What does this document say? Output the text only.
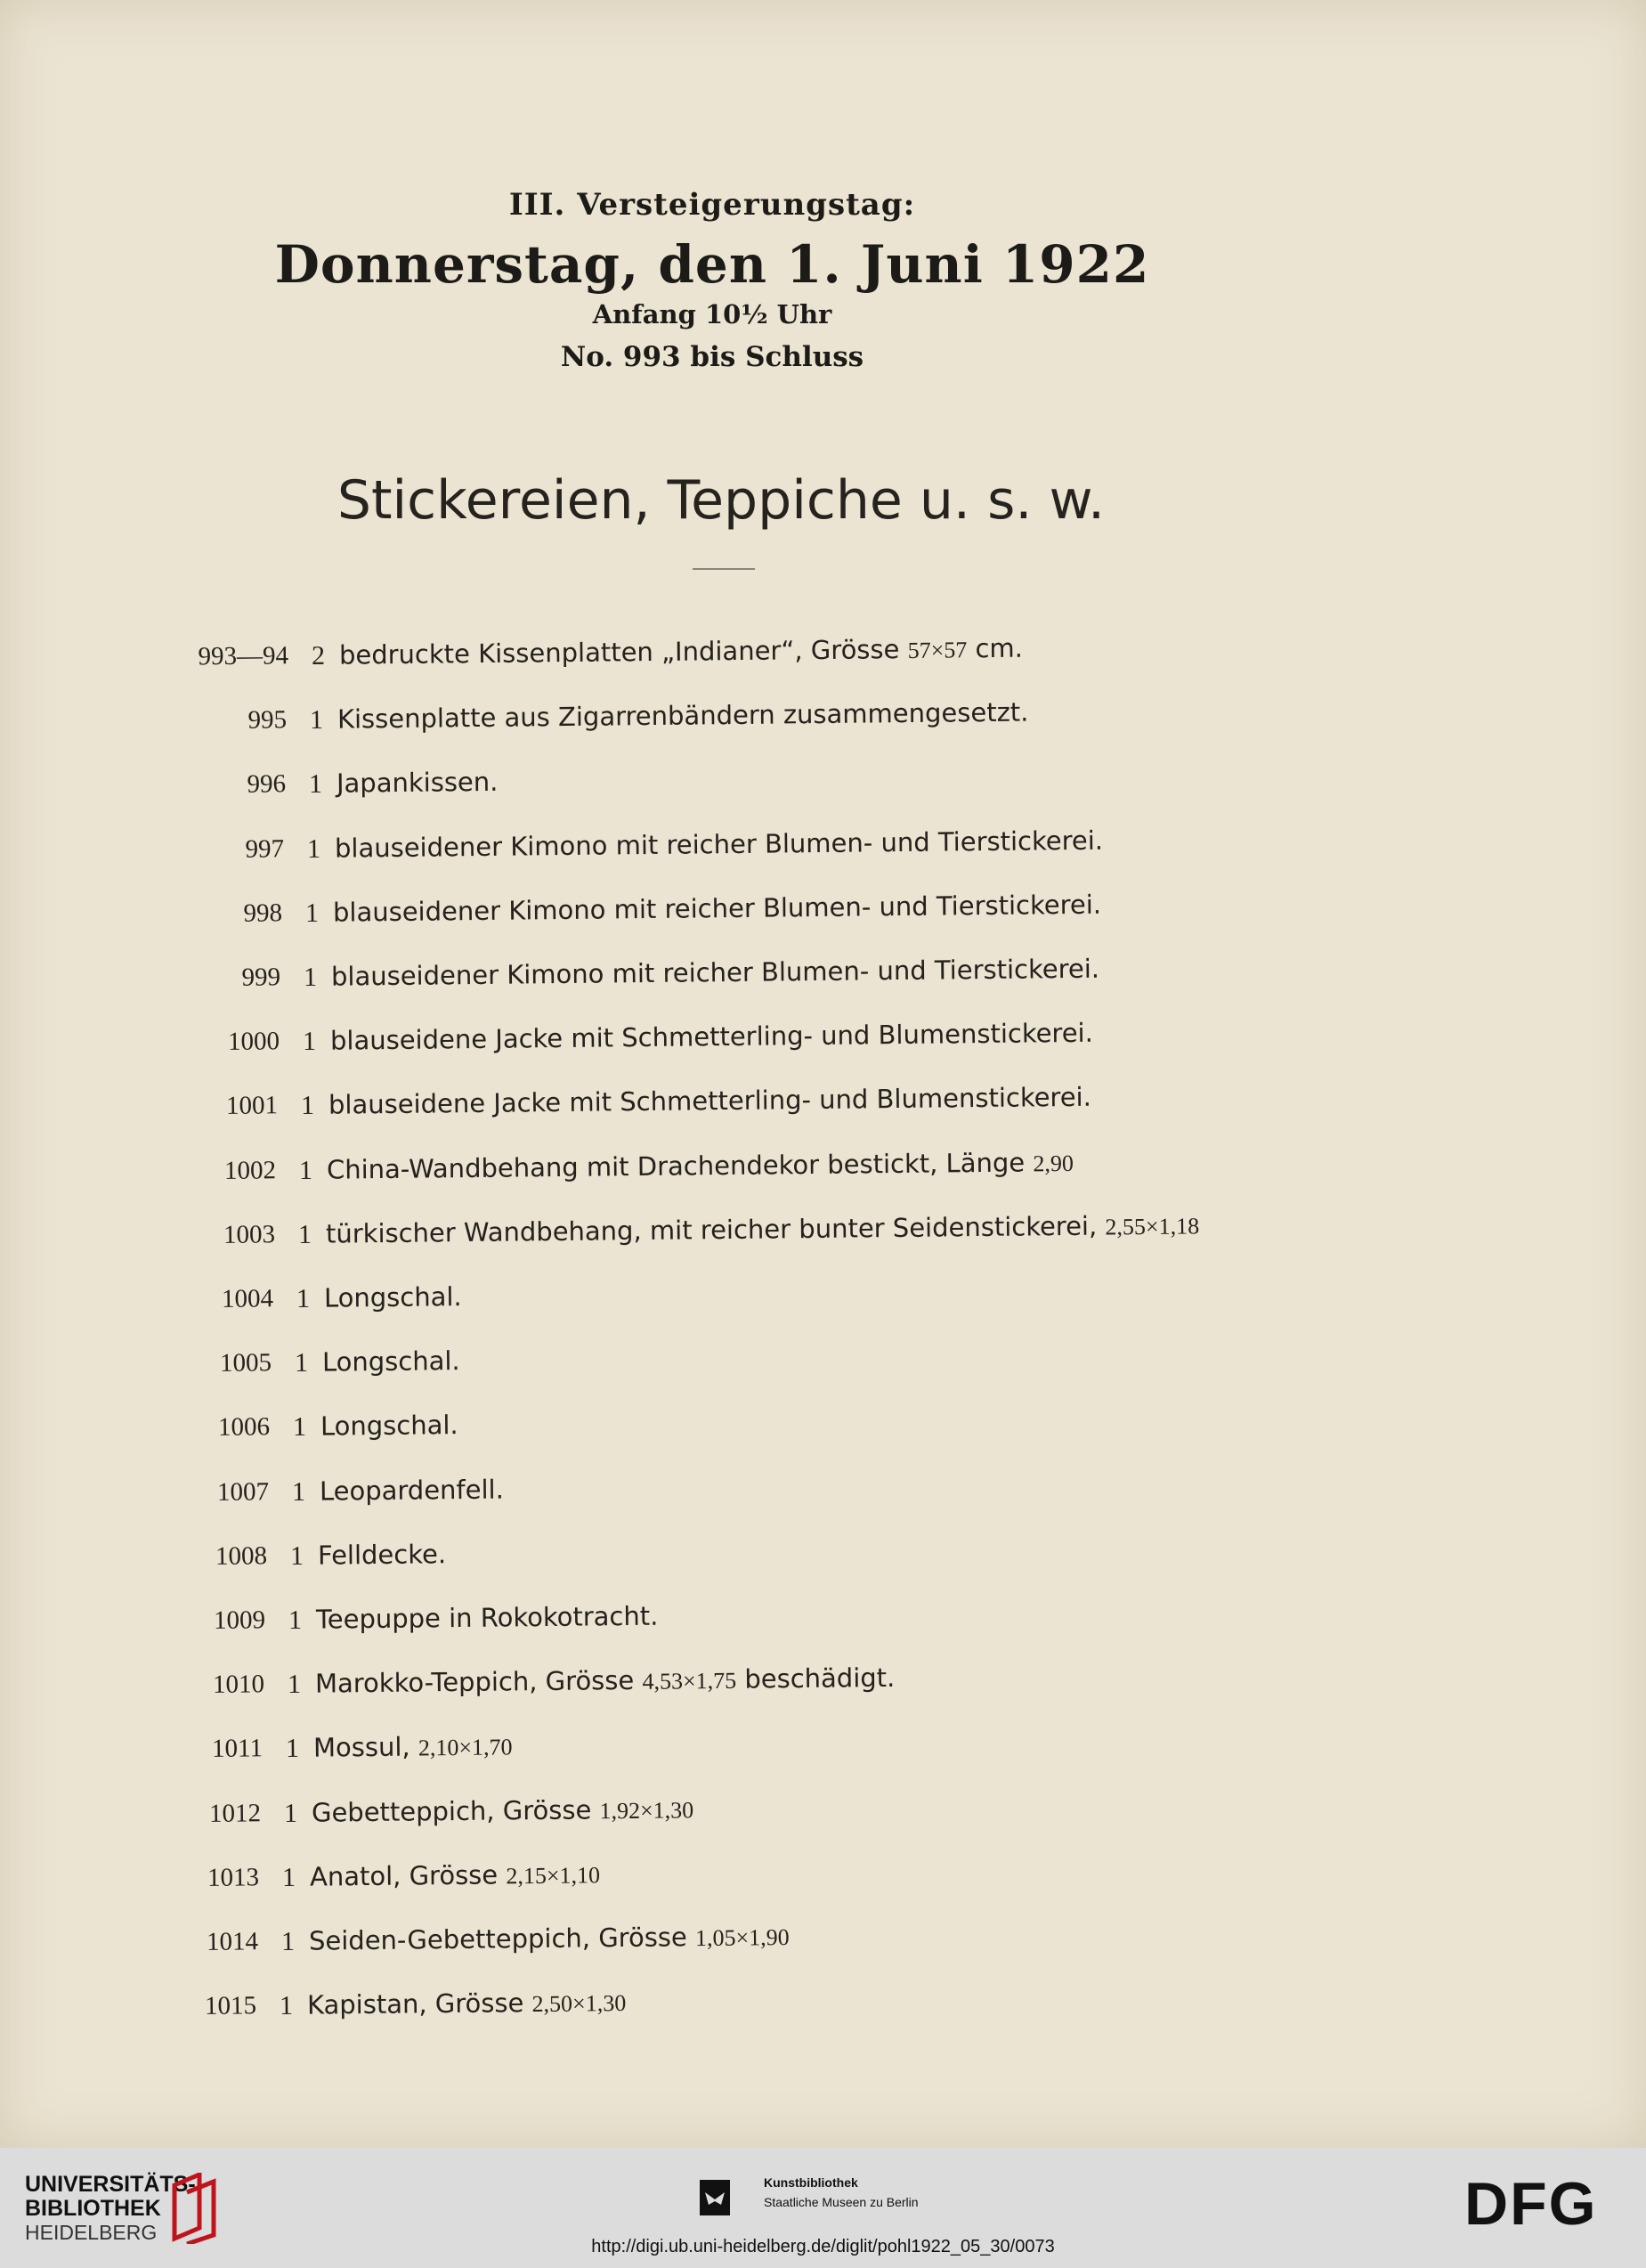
III. Versteigerungstag:
Donnerstag, den 1. Juni 1922
Anfang 10½ Uhr
No. 993 bis Schluss
Stickereien, Teppiche u. s. w.
993—94 2 bedruckte Kissenplatten „Indianer“, Grösse 57×57 cm.
995 1 Kissenplatte aus Zigarrenbändern zusammengesetzt.
996 1 Japankissen.
997 1 blauseidener Kimono mit reicher Blumen- und Tierstickerei.
998 1 blauseidener Kimono mit reicher Blumen- und Tierstickerei.
999 1 blauseidener Kimono mit reicher Blumen- und Tierstickerei.
1000 1 blauseidene Jacke mit Schmetterling- und Blumenstickerei.
1001 1 blauseidene Jacke mit Schmetterling- und Blumenstickerei.
1002 1 China-Wandbehang mit Drachendekor bestickt, Länge 2,90
1003 1 türkischer Wandbehang, mit reicher bunter Seidenstickerei, 2,55×1,18
1004 1 Longschal.
1005 1 Longschal.
1006 1 Longschal.
1007 1 Leopardenfell.
1008 1 Felldecke.
1009 1 Teepuppe in Rokokotracht.
1010 1 Marokko-Teppich, Grösse 4,53×1,75 beschädigt.
1011 1 Mossul, 2,10×1,70
1012 1 Gebetteppich, Grösse 1,92×1,30
1013 1 Anatol, Grösse 2,15×1,10
1014 1 Seiden-Gebetteppich, Grösse 1,05×1,90
1015 1 Kapistan, Grösse 2,50×1,30
UNIVERSITÄTS-
BIBLIOTHEK
HEIDELBERG
Kunstbibliothek
Staatliche Museen zu Berlin	DFG
http://digi.ub.uni-heidelberg.de/diglit/pohl1922_05_30/0073
